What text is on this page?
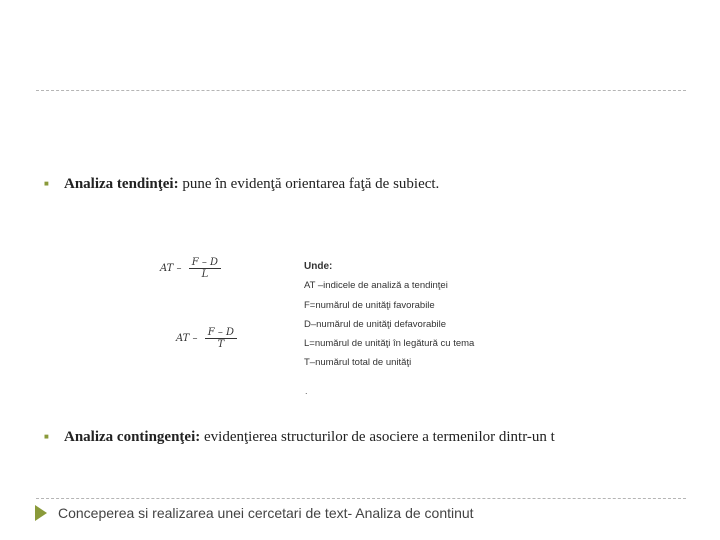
■ Analiza tendinţei: pune în evidenţă orientarea faţă de subiect.
AT – $\frac{F - D}{L}$
AT – $\frac{F - D}{T}$
Unde:
AT –indicele de analiză a tendinţei
F=numărul de unităţi favorabile
D–numărul de unităţi defavorabile
L=numărul de unităţi în legătură cu tema
T–numărul total de unităţi
.
■ Analiza contingenţei: evidenţierea structurilor de asociere a termenilor dintr-un t
Conceperea si realizarea unei cercetari de text- Analiza de continut
